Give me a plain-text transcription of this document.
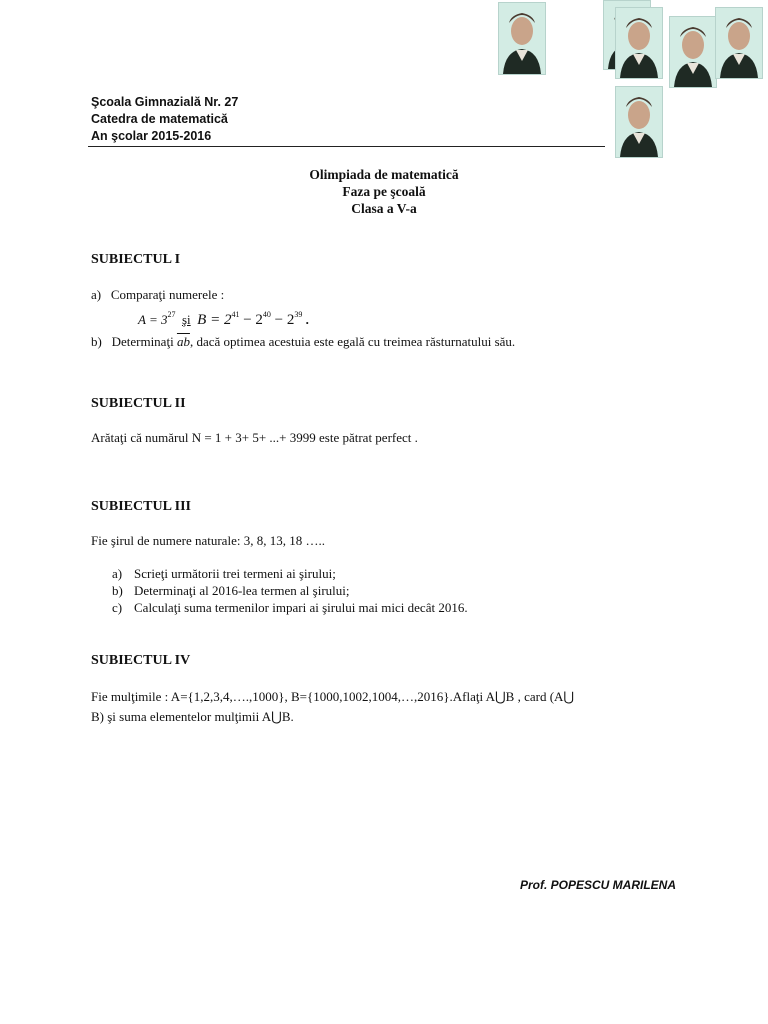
Şcoala Gimnazială Nr. 27
Catedra de matematică
An şcolar 2015-2016
Olimpiada de matematică
Faza pe şcoală
Clasa a V-a
SUBIECTUL I
a) Comparaţi numerele :
$A = 3^{27}$ şi $B = 2^{41} - 2^{40} - 2^{39}$ .
b) Determinaţi $\overline{ab}$, dacă optimea acestuia este egală cu treimea răsturnatului său.
SUBIECTUL II
Arătaţi că numărul N = 1 + 3+ 5+ ...+ 3999 este pătrat perfect .
SUBIECTUL III
Fie şirul de numere naturale: 3, 8, 13, 18 …..
a) Scrieţi următorii trei termeni ai şirului;
b) Determinaţi al 2016-lea termen al şirului;
c) Calculaţi suma termenilor impari ai şirului mai mici decât 2016.
SUBIECTUL IV
Fie mulţimile : A={1,2,3,4,….,1000}, B={1000,1002,1004,…,2016}.Aflaţi A⋃B , card (A⋃
B) şi suma elementelor mulţimii A⋃B.
Prof. POPESCU MARILENA
